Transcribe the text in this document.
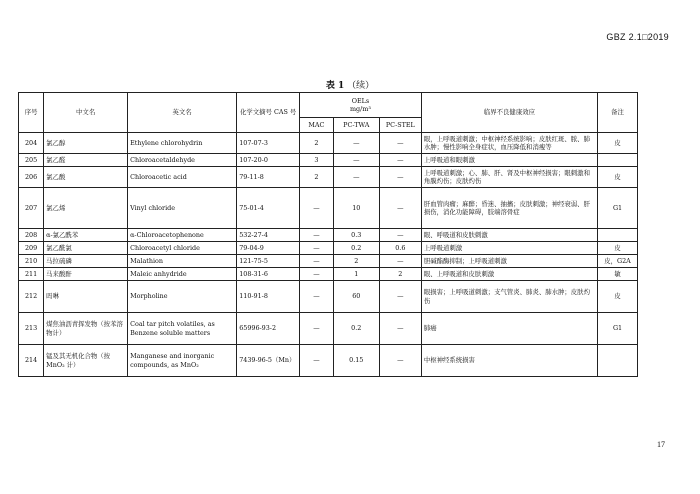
GBZ 2.1□2019
表 1 （续）
序号	中文名	英文名	化学文摘号 CAS 号	OELs
mg/m³			临界不良健康效应	备注
				MAC	PC-TWA	PC-STEL		
204	氯乙醇	Ethylene chlorohydrin	107-07-3	2	—	—	眼，上呼吸道刺激；中枢神经系统影响；皮肤红斑、脓、肺水肿；慢性影响全身症状，血压降低和消瘦等	皮
205	氯乙醛	Chloroacetaldehyde	107-20-0	3	—	—	上呼吸道和眼刺激	
206	氯乙酸	Chloroacetic acid	79-11-8	2	—	—	上呼吸道刺激；心、肺、肝、肾及中枢神经损害；眼刺激和角膜灼伤；皮肤灼伤	皮
207	氯乙烯	Vinyl chloride	75-01-4	—	10	—	肝血管肉瘤；麻醉；昏迷、抽搐；皮肤刺激；神经衰弱、肝损伤，消化功能障碍，肢端溶骨症	G1
208	α-氯乙酰苯	α-Chloroacetophenone	532-27-4	—	0.3	—	眼、呼吸道和皮肤刺激	
209	氯乙酰氯	Chloroacetyl chloride	79-04-9	—	0.2	0.6	上呼吸道刺激	皮
210	马拉硫磷	Malathion	121-75-5	—	2	—	胆碱酯酶抑制；上呼吸道刺激	皮，G2A
211	马来酸酐	Maleic anhydride	108-31-6	—	1	2	眼、上呼吸道和皮肤刺激	敏
212	吗啉	Morpholine	110-91-8	—	60	—	眼损害；上呼吸道刺激；支气管炎、肺炎、肺水肿；皮肤灼伤	皮
213	煤焦油沥青挥发物（按苯溶物计）	Coal tar pitch volatiles, as Benzene soluble matters	65996-93-2	—	0.2	—	肺癌	G1
214	锰及其无机化合物（按 MnO₂ 计）	Manganese and inorganic compounds, as MnO₂	7439-96-5（Mn）	—	0.15	—	中枢神经系统损害	
17
